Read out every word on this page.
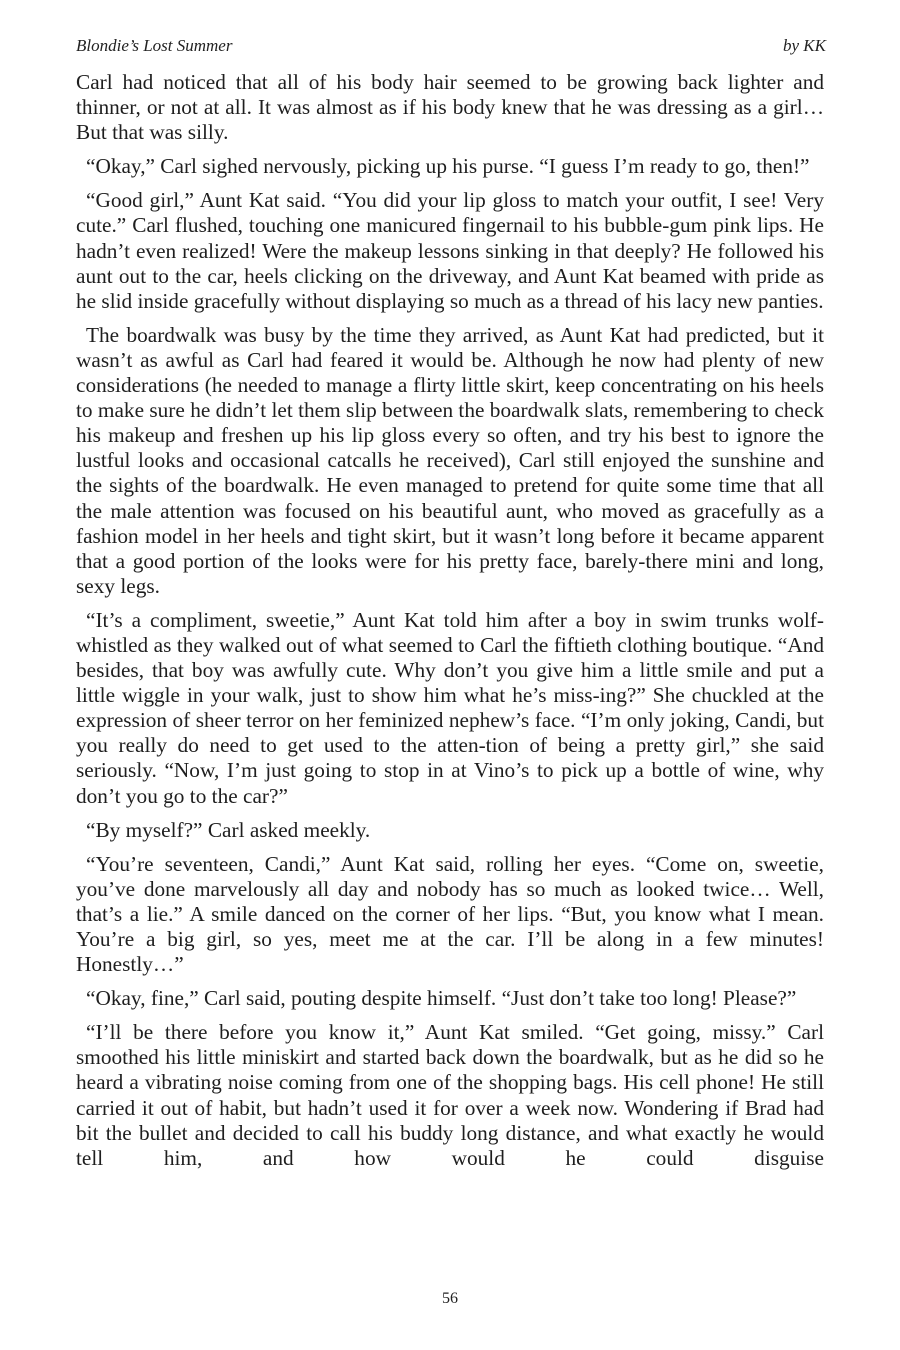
Blondie’s Lost Summer	by KK

Carl had noticed that all of his body hair seemed to be growing back lighter and thinner, or not at all. It was almost as if his body knew that he was dressing as a girl… But that was silly.

“Okay,” Carl sighed nervously, picking up his purse. “I guess I’m ready to go, then!”

“Good girl,” Aunt Kat said. “You did your lip gloss to match your outfit, I see! Very cute.” Carl flushed, touching one manicured fingernail to his bubble-gum pink lips. He hadn’t even realized! Were the makeup lessons sinking in that deeply? He followed his aunt out to the car, heels clicking on the driveway, and Aunt Kat beamed with pride as he slid inside gracefully without displaying so much as a thread of his lacy new panties.

The boardwalk was busy by the time they arrived, as Aunt Kat had predicted, but it wasn’t as awful as Carl had feared it would be. Although he now had plenty of new considerations (he needed to manage a flirty little skirt, keep concentrating on his heels to make sure he didn’t let them slip between the boardwalk slats, remembering to check his makeup and freshen up his lip gloss every so often, and try his best to ignore the lustful looks and occasional catcalls he received), Carl still enjoyed the sunshine and the sights of the boardwalk. He even managed to pretend for quite some time that all the male attention was focused on his beautiful aunt, who moved as gracefully as a fashion model in her heels and tight skirt, but it wasn’t long before it became apparent that a good portion of the looks were for his pretty face, barely-there mini and long, sexy legs.

“It’s a compliment, sweetie,” Aunt Kat told him after a boy in swim trunks wolf-whistled as they walked out of what seemed to Carl the fiftieth clothing boutique. “And besides, that boy was awfully cute. Why don’t you give him a little smile and put a little wiggle in your walk, just to show him what he’s miss-ing?” She chuckled at the expression of sheer terror on her feminized nephew’s face. “I’m only joking, Candi, but you really do need to get used to the atten-tion of being a pretty girl,” she said seriously. “Now, I’m just going to stop in at Vino’s to pick up a bottle of wine, why don’t you go to the car?”

“By myself?” Carl asked meekly.

“You’re seventeen, Candi,” Aunt Kat said, rolling her eyes. “Come on, sweetie, you’ve done marvelously all day and nobody has so much as looked twice… Well, that’s a lie.” A smile danced on the corner of her lips. “But, you know what I mean. You’re a big girl, so yes, meet me at the car. I’ll be along in a few minutes! Honestly…”

“Okay, fine,” Carl said, pouting despite himself. “Just don’t take too long! Please?”

“I’ll be there before you know it,” Aunt Kat smiled. “Get going, missy.” Carl smoothed his little miniskirt and started back down the boardwalk, but as he did so he heard a vibrating noise coming from one of the shopping bags. His cell phone! He still carried it out of habit, but hadn’t used it for over a week now. Wondering if Brad had bit the bullet and decided to call his buddy long distance, and what exactly he would tell him, and how would he could disguise

56
